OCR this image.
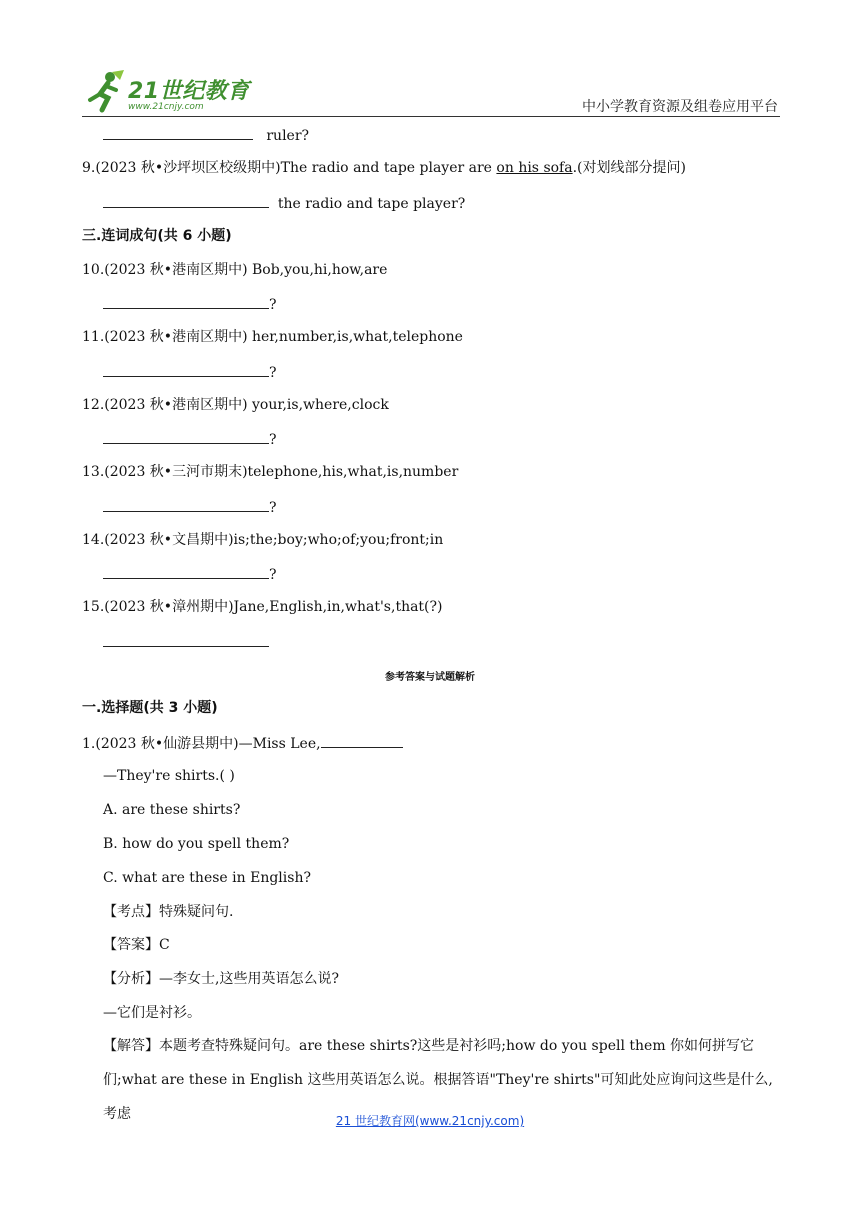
21世纪教育
www.21cnjy.com	中小学教育资源及组卷应用平台
ruler?
9.(2023 秋•沙坪坝区校级期中)The radio and tape player are on his sofa.(对划线部分提问)
the radio and tape player?
三.连词成句(共 6 小题)
10.(2023 秋•港南区期中) Bob,you,hi,how,are
?
11.(2023 秋•港南区期中) her,number,is,what,telephone
?
12.(2023 秋•港南区期中) your,is,where,clock
?
13.(2023 秋•三河市期末)telephone,his,what,is,number
?
14.(2023 秋•文昌期中)is;the;boy;who;of;you;front;in
?
15.(2023 秋•漳州期中)Jane,English,in,what's,that(?)
参考答案与试题解析
一.选择题(共 3 小题)
1.(2023 秋•仙游县期中)—Miss Lee,
—They're shirts.( )
A. are these shirts?
B. how do you spell them?
C. what are these in English?
【考点】特殊疑问句.
【答案】C
【分析】—李女士,这些用英语怎么说?
—它们是衬衫。
【解答】本题考查特殊疑问句。are these shirts?这些是衬衫吗;how do you spell them 你如何拼写它们;what are these in English 这些用英语怎么说。根据答语"They're shirts"可知此处应询问这些是什么,考虑	21 世纪教育网(www.21cnjy.com)
